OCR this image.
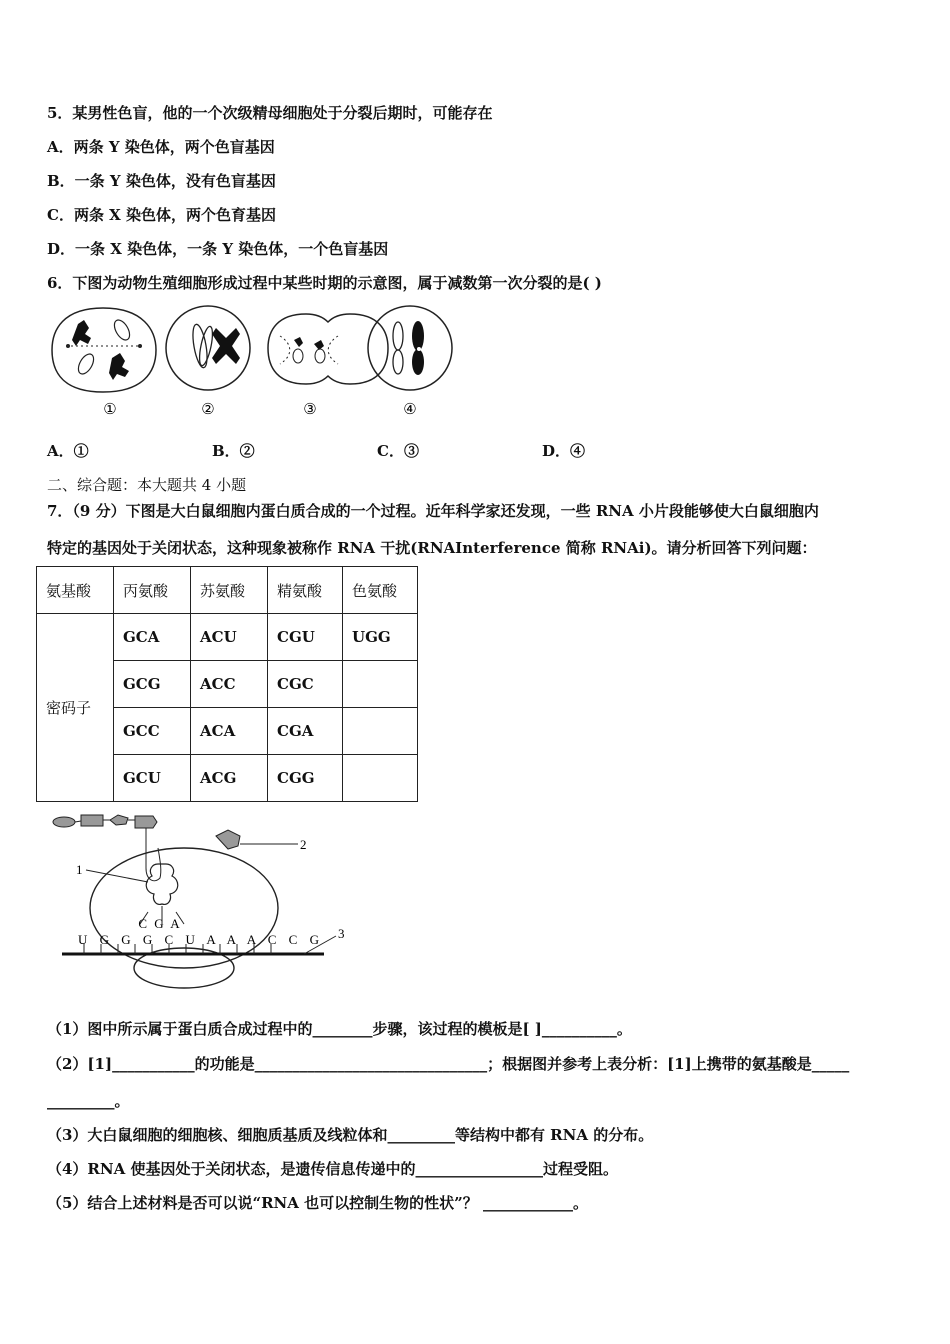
5．某男性色盲，他的一个次级精母细胞处于分裂后期时，可能存在
A．两条 Y 染色体，两个色盲基因
B．一条 Y 染色体，没有色盲基因
C．两条 X 染色体，两个色育基因
D．一条 X 染色体，一条 Y 染色体，一个色盲基因
6．下图为动物生殖细胞形成过程中某些时期的示意图，属于减数第一次分裂的是( )
①	②	③	④
A．①	B．②	C．③	D．④
二、综合题：本大题共 4 小题
7．（9 分）下图是大白鼠细胞内蛋白质合成的一个过程。近年科学家还发现，一些 RNA 小片段能够使大白鼠细胞内
特定的基因处于关闭状态，这种现象被称作 RNA 干扰(RNAInterference 简称 RNAi)。请分析回答下列问题：
氨基酸	丙氨酸	苏氨酸	精氨酸	色氨酸
密码子	GCA	ACU	CGU	UGG
	GCG	ACC	CGC	
	GCC	ACA	CGA	
	GCU	ACG	CGG	
C G A
1
2
U G G G C U A A A C C G 3
（1）图中所示属于蛋白质合成过程中的________步骤，该过程的模板是[ ]__________。
（2）[1]___________的功能是_______________________________；根据图并参考上表分析：[1]上携带的氨基酸是_____
_________。
（3）大白鼠细胞的细胞核、细胞质基质及线粒体和_________等结构中都有 RNA 的分布。
（4）RNA 使基因处于关闭状态，是遗传信息传递中的_________________过程受阻。
（5）结合上述材料是否可以说“RNA 也可以控制生物的性状”？ ____________。
